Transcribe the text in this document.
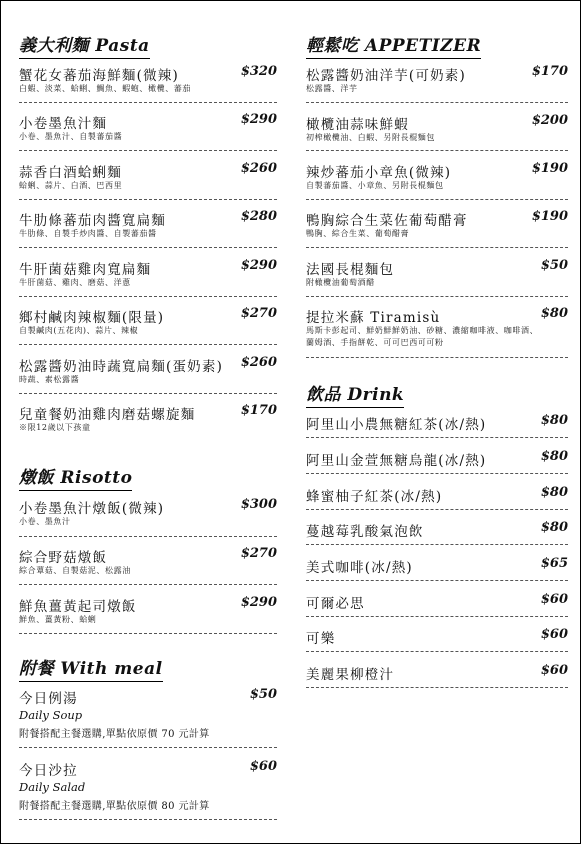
義大利麵 Pasta
蟹花女蕃茄海鮮麵(微辣)	$320
白蝦、淡菜、蛤蜊、鯛魚、蝦蚫、橄欖、蕃茄
小卷墨魚汁麵	$290
小卷、墨魚汁、自製蕃茄醬
蒜香白酒蛤蜊麵	$260
蛤蜊、蒜片、白酒、巴西里
牛肋條蕃茄肉醬寬扁麵	$280
牛肋條、自製手炒肉醬、自製蕃茄醬
牛肝菌菇雞肉寬扁麵	$290
牛肝菌菇、雞肉、磨菇、洋蔥
鄉村鹹肉辣椒麵(限量)	$270
自製鹹肉(五花肉)、蒜片、辣椒
松露醬奶油時蔬寬扁麵(蛋奶素) $260
時蔬、素松露醬
兒童餐奶油雞肉磨菇螺旋麵	$170
※限12歲以下孩童
燉飯 Risotto
小卷墨魚汁燉飯(微辣)	$300
小卷、墨魚汁
綜合野菇燉飯	$270
綜合蕈菇、自製菇泥、松露油
鮮魚薑黃起司燉飯	$290
鮮魚、薑黃粉、蛤蜊
附餐 With meal
今日例湯	$50
Daily Soup
附餐搭配主餐選購,單點依原價 70 元計算
今日沙拉	$60
Daily Salad
附餐搭配主餐選購,單點依原價 80 元計算
輕鬆吃 APPETIZER
松露醬奶油洋芋(可奶素)	$170
松露醬、洋芋
橄欖油蒜味鮮蝦	$200
初榨橄欖油、白蝦、另附長棍麵包
辣炒蕃茄小章魚(微辣)	$190
自製蕃茄醬、小章魚、另附長棍麵包
鴨胸綜合生菜佐葡萄醋膏	$190
鴨胸、綜合生菜、葡萄醋膏
法國長棍麵包	$50
附橄欖油葡萄酒醋
提拉米蘇 Tiramisù	$80
馬斯卡彭起司、鮮奶鮮鮮奶油、砂糖、濃縮咖啡液、咖啡酒、
蘭姆酒、手指餅乾、可可巴西可可粉
飲品 Drink
阿里山小農無糖紅茶(冰/熱)	$80
阿里山金萱無糖烏龍(冰/熱)	$80
蜂蜜柚子紅茶(冰/熱)	$80
蔓越莓乳酸氣泡飲	$80
美式咖啡(冰/熱)	$65
可爾必思	$60
可樂	$60
美麗果柳橙汁	$60
